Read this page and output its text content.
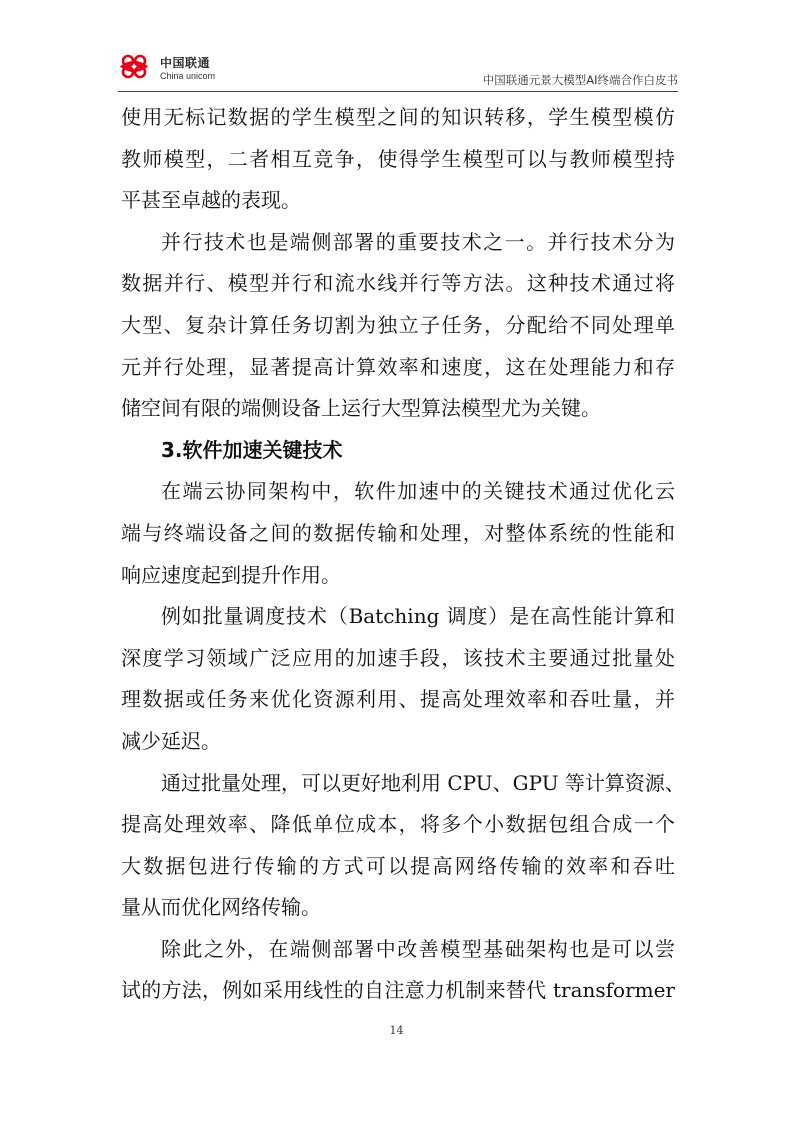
中国联通
China unicom	中国联通元景大模型AI终端合作白皮书
使用无标记数据的学生模型之间的知识转移，学生模型模仿
教师模型，二者相互竞争，使得学生模型可以与教师模型持
平甚至卓越的表现。
并行技术也是端侧部署的重要技术之一。并行技术分为
数据并行、模型并行和流水线并行等方法。这种技术通过将
大型、复杂计算任务切割为独立子任务，分配给不同处理单
元并行处理，显著提高计算效率和速度，这在处理能力和存
储空间有限的端侧设备上运行大型算法模型尤为关键。
3.软件加速关键技术
在端云协同架构中，软件加速中的关键技术通过优化云
端与终端设备之间的数据传输和处理，对整体系统的性能和
响应速度起到提升作用。
例如批量调度技术（Batching 调度）是在高性能计算和
深度学习领域广泛应用的加速手段，该技术主要通过批量处
理数据或任务来优化资源利用、提高处理效率和吞吐量，并
减少延迟。
通过批量处理，可以更好地利用 CPU、GPU 等计算资源、
提高处理效率、降低单位成本，将多个小数据包组合成一个
大数据包进行传输的方式可以提高网络传输的效率和吞吐
量从而优化网络传输。
除此之外，在端侧部署中改善模型基础架构也是可以尝
试的方法，例如采用线性的自注意力机制来替代 transformer
14
